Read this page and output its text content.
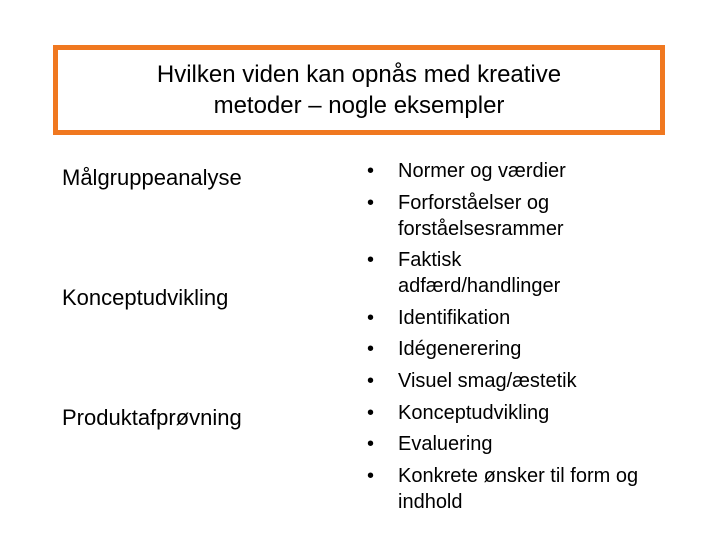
Hvilken viden kan opnås med kreative
metoder – nogle eksempler
Målgruppeanalyse
Konceptudvikling
Produktafprøvning
• Normer og værdier
• Forforståelser og forståelsesrammer
• Faktisk adfærd/handlinger
• Identifikation
• Idégenerering
• Visuel smag/æstetik
• Konceptudvikling
• Evaluering
• Konkrete ønsker til form og indhold
